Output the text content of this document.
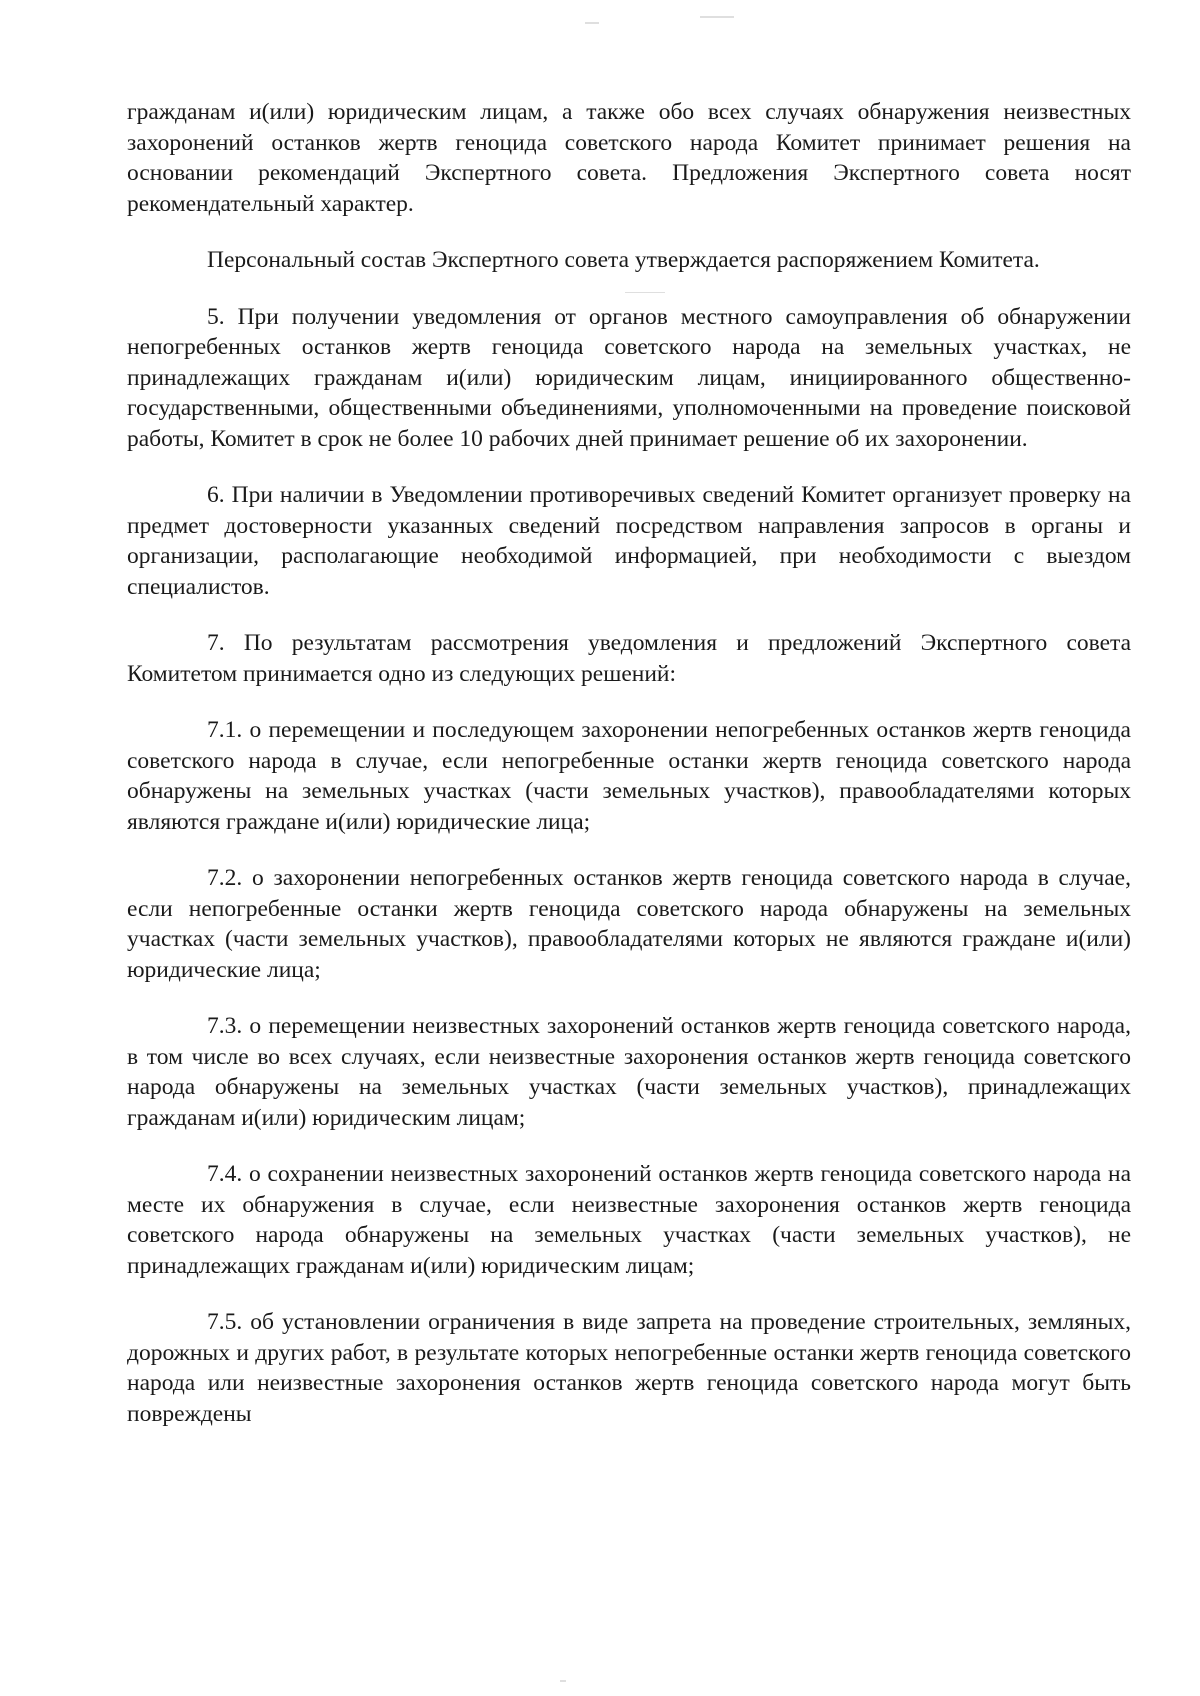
гражданам и(или) юридическим лицам, а также обо всех случаях обнаружения неизвестных захоронений останков жертв геноцида советского народа Комитет принимает решения на основании рекомендаций Экспертного совета. Предложения Экспертного совета носят рекомендательный характер.

Персональный состав Экспертного совета утверждается распоряжением Комитета.

5. При получении уведомления от органов местного самоуправления об обнаружении непогребенных останков жертв геноцида советского народа на земельных участках, не принадлежащих гражданам и(или) юридическим лицам, инициированного общественно-государственными, общественными объединениями, уполномоченными на проведение поисковой работы, Комитет в срок не более 10 рабочих дней принимает решение об их захоронении.

6. При наличии в Уведомлении противоречивых сведений Комитет организует проверку на предмет достоверности указанных сведений посредством направления запросов в органы и организации, располагающие необходимой информацией, при необходимости с выездом специалистов.

7. По результатам рассмотрения уведомления и предложений Экспертного совета Комитетом принимается одно из следующих решений:

7.1. о перемещении и последующем захоронении непогребенных останков жертв геноцида советского народа в случае, если непогребенные останки жертв геноцида советского народа обнаружены на земельных участках (части земельных участков), правообладателями которых являются граждане и(или) юридические лица;

7.2. о захоронении непогребенных останков жертв геноцида советского народа в случае, если непогребенные останки жертв геноцида советского народа обнаружены на земельных участках (части земельных участков), правообладателями которых не являются граждане и(или) юридические лица;

7.3. о перемещении неизвестных захоронений останков жертв геноцида советского народа, в том числе во всех случаях, если неизвестные захоронения останков жертв геноцида советского народа обнаружены на земельных участках (части земельных участков), принадлежащих гражданам и(или) юридическим лицам;

7.4. о сохранении неизвестных захоронений останков жертв геноцида советского народа на месте их обнаружения в случае, если неизвестные захоронения останков жертв геноцида советского народа обнаружены на земельных участках (части земельных участков), не принадлежащих гражданам и(или) юридическим лицам;

7.5. об установлении ограничения в виде запрета на проведение строительных, земляных, дорожных и других работ, в результате которых непогребенные останки жертв геноцида советского народа или неизвестные захоронения останков жертв геноцида советского народа могут быть повреждены
